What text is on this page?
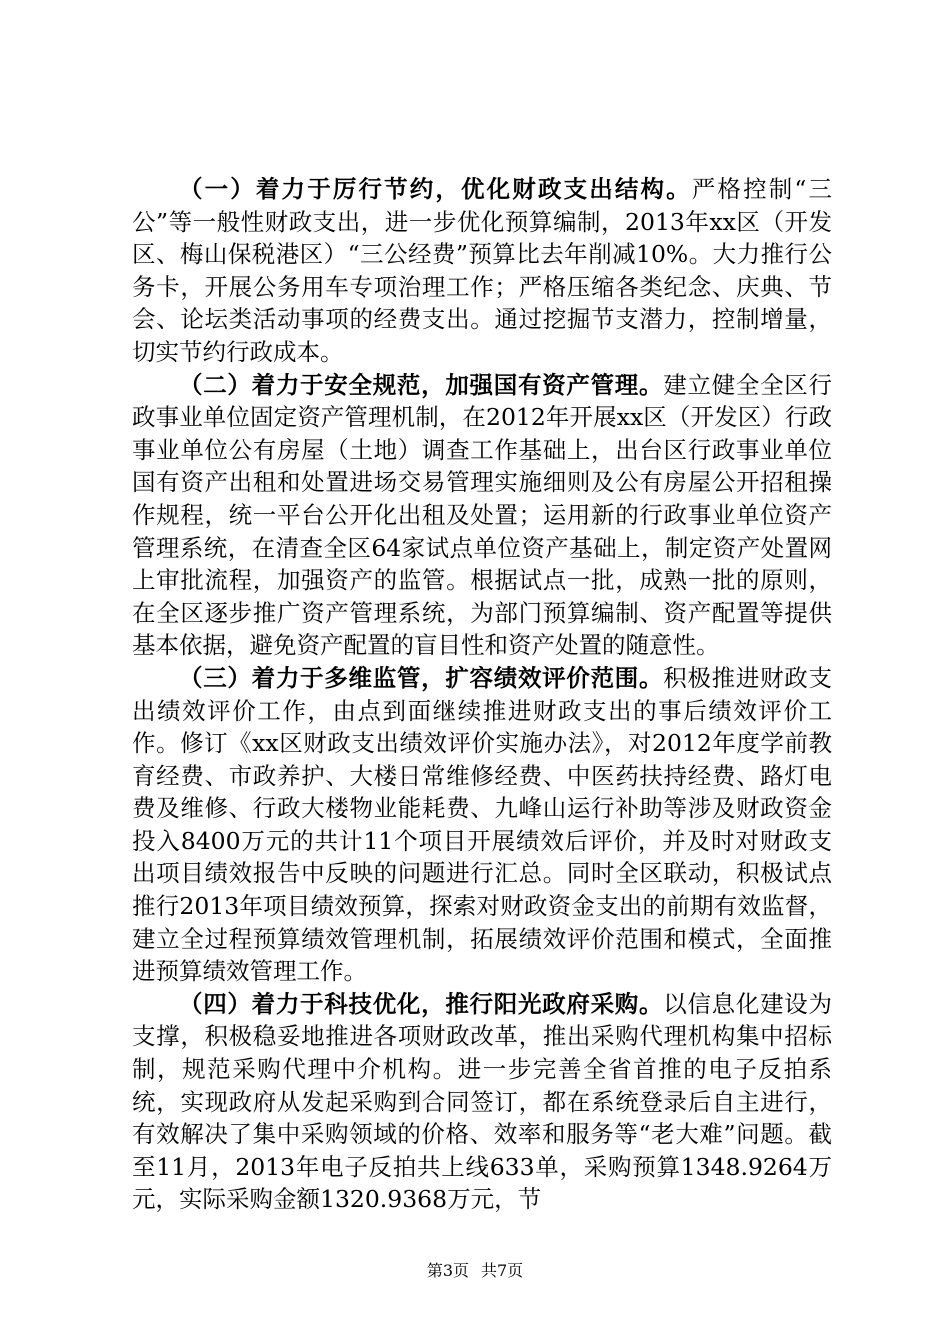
（一）着力于厉行节约，优化财政支出结构。严格控制“三公”等一般性财政支出，进一步优化预算编制，2013年xx区（开发区、梅山保税港区）“三公经费”预算比去年削减10%。大力推行公务卡，开展公务用车专项治理工作；严格压缩各类纪念、庆典、节会、论坛类活动事项的经费支出。通过挖掘节支潜力，控制增量，切实节约行政成本。

（二）着力于安全规范，加强国有资产管理。建立健全全区行政事业单位固定资产管理机制，在2012年开展xx区（开发区）行政事业单位公有房屋（土地）调查工作基础上，出台区行政事业单位国有资产出租和处置进场交易管理实施细则及公有房屋公开招租操作规程，统一平台公开化出租及处置；运用新的行政事业单位资产管理系统，在清查全区64家试点单位资产基础上，制定资产处置网上审批流程，加强资产的监管。根据试点一批，成熟一批的原则，在全区逐步推广资产管理系统，为部门预算编制、资产配置等提供基本依据，避免资产配置的盲目性和资产处置的随意性。

（三）着力于多维监管，扩容绩效评价范围。积极推进财政支出绩效评价工作，由点到面继续推进财政支出的事后绩效评价工作。修订《xx区财政支出绩效评价实施办法》，对2012年度学前教育经费、市政养护、大楼日常维修经费、中医药扶持经费、路灯电费及维修、行政大楼物业能耗费、九峰山运行补助等涉及财政资金投入8400万元的共计11个项目开展绩效后评价，并及时对财政支出项目绩效报告中反映的问题进行汇总。同时全区联动，积极试点推行2013年项目绩效预算，探索对财政资金支出的前期有效监督，建立全过程预算绩效管理机制，拓展绩效评价范围和模式，全面推进预算绩效管理工作。

（四）着力于科技优化，推行阳光政府采购。以信息化建设为支撑，积极稳妥地推进各项财政改革，推出采购代理机构集中招标制，规范采购代理中介机构。进一步完善全省首推的电子反拍系统，实现政府从发起采购到合同签订，都在系统登录后自主进行，有效解决了集中采购领域的价格、效率和服务等“老大难”问题。截至11月，2013年电子反拍共上线633单，采购预算1348.9264万元，实际采购金额1320.9368万元，节

第3页 共7页
